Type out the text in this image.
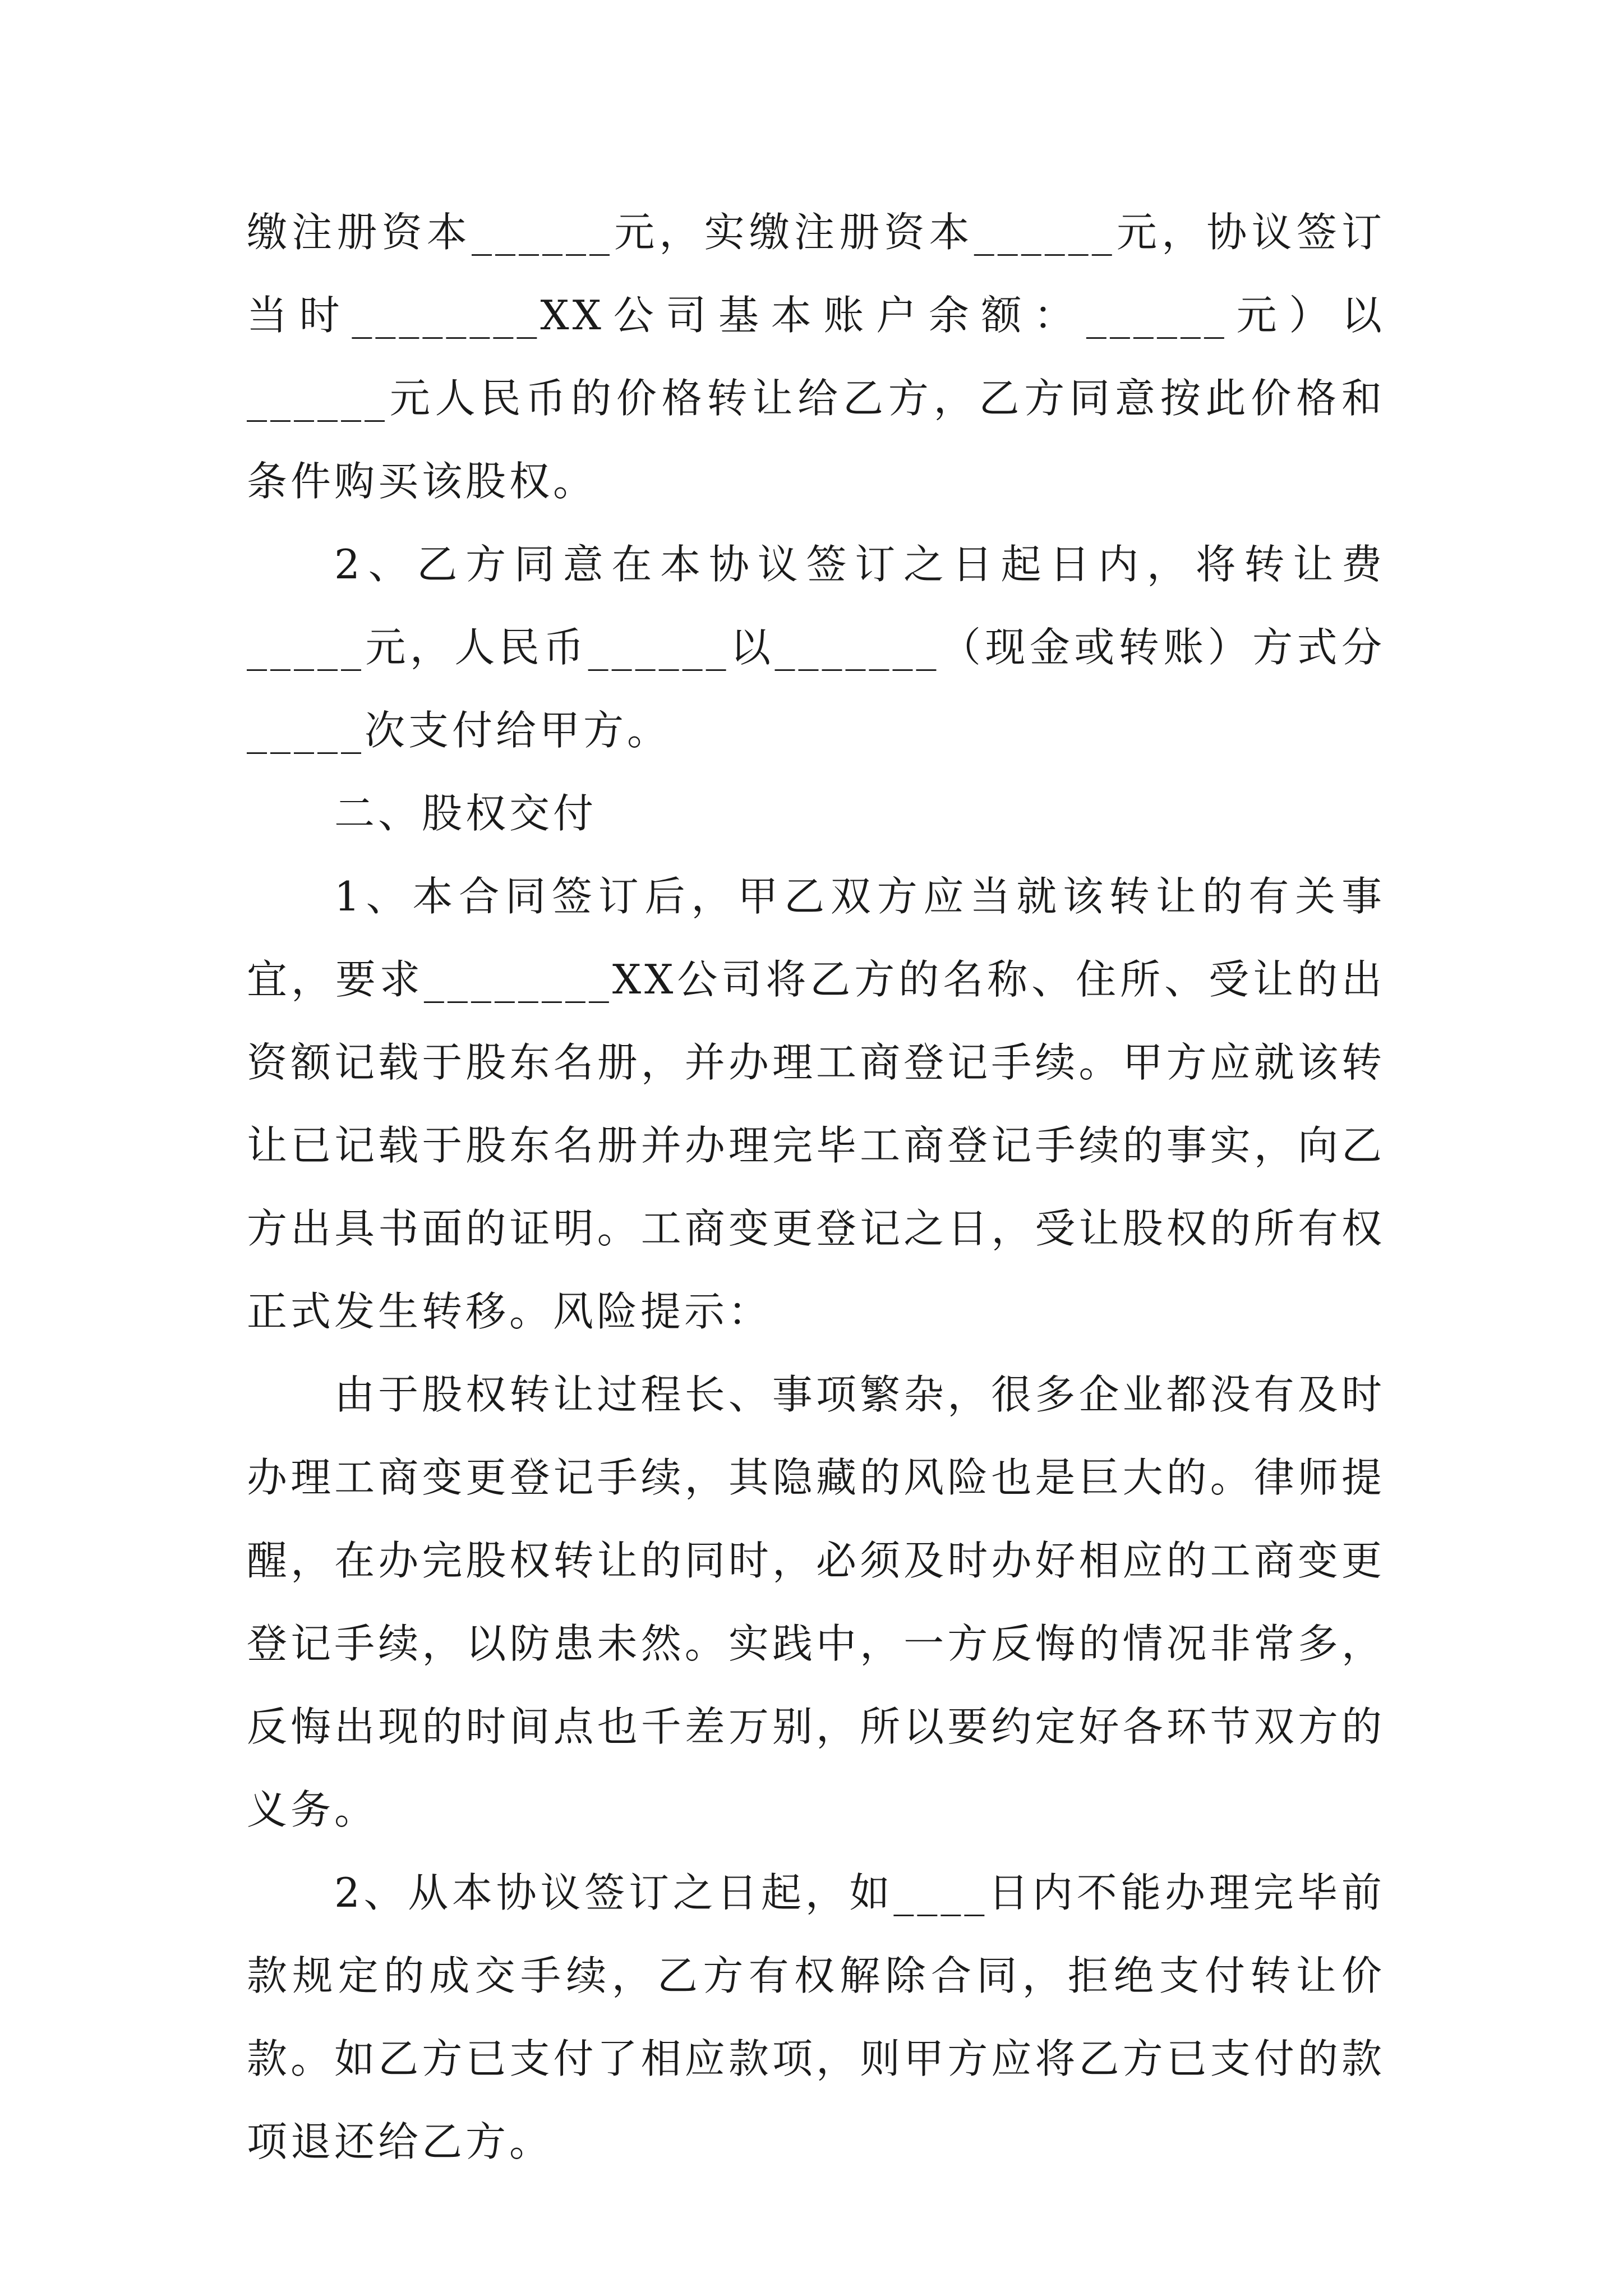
缴注册资本______元，实缴注册资本______元，协议签订当时________XX公司基本账户余额：______元）以______元人民币的价格转让给乙方，乙方同意按此价格和条件购买该股权。

2、乙方同意在本协议签订之日起日内，将转让费_____元，人民币______以_______（现金或转账）方式分_____次支付给甲方。

二、股权交付

1、本合同签订后，甲乙双方应当就该转让的有关事宜，要求________XX公司将乙方的名称、住所、受让的出资额记载于股东名册，并办理工商登记手续。甲方应就该转让已记载于股东名册并办理完毕工商登记手续的事实，向乙方出具书面的证明。工商变更登记之日，受让股权的所有权正式发生转移。风险提示：

由于股权转让过程长、事项繁杂，很多企业都没有及时办理工商变更登记手续，其隐藏的风险也是巨大的。律师提醒，在办完股权转让的同时，必须及时办好相应的工商变更登记手续，以防患未然。实践中，一方反悔的情况非常多，反悔出现的时间点也千差万别，所以要约定好各环节双方的义务。

2、从本协议签订之日起，如____日内不能办理完毕前款规定的成交手续，乙方有权解除合同，拒绝支付转让价款。如乙方已支付了相应款项，则甲方应将乙方已支付的款项退还给乙方。
